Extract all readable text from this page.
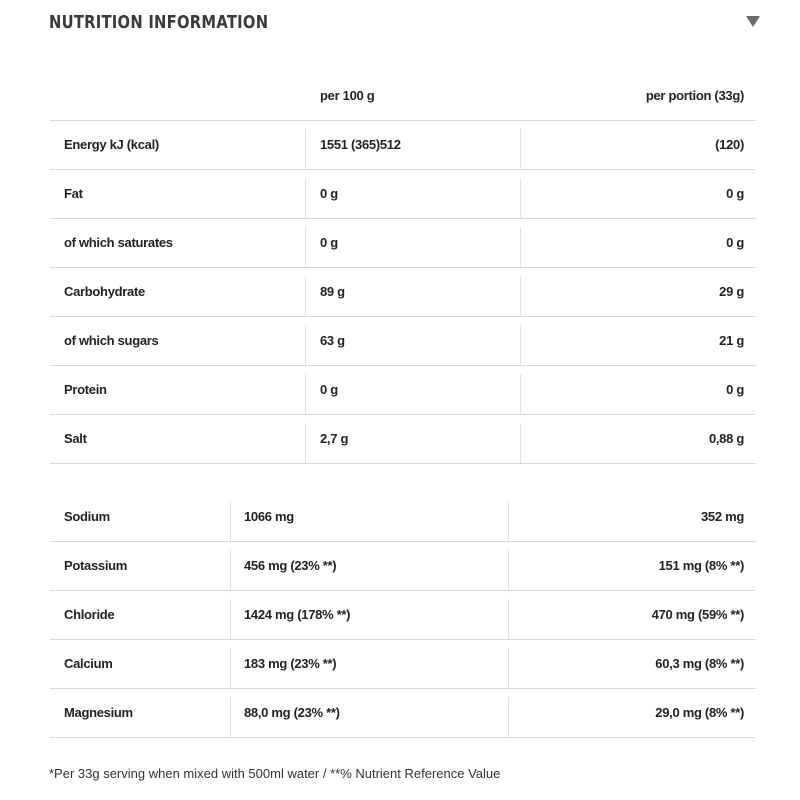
NUTRITION INFORMATION
per 100 g	per portion (33g)
Energy kJ (kcal)	1551 (365)512	(120)
Fat	0 g	0 g
of which saturates	0 g	0 g
Carbohydrate	89 g	29 g
of which sugars	63 g	21 g
Protein	0 g	0 g
Salt	2,7 g	0,88 g
Sodium	1066 mg	352 mg
Potassium	456 mg (23% **)	151 mg (8% **)
Chloride	1424 mg (178% **)	470 mg (59% **)
Calcium	183 mg (23% **)	60,3 mg (8% **)
Magnesium	88,0 mg (23% **)	29,0 mg (8% **)
*Per 33g serving when mixed with 500ml water / **% Nutrient Reference Value
